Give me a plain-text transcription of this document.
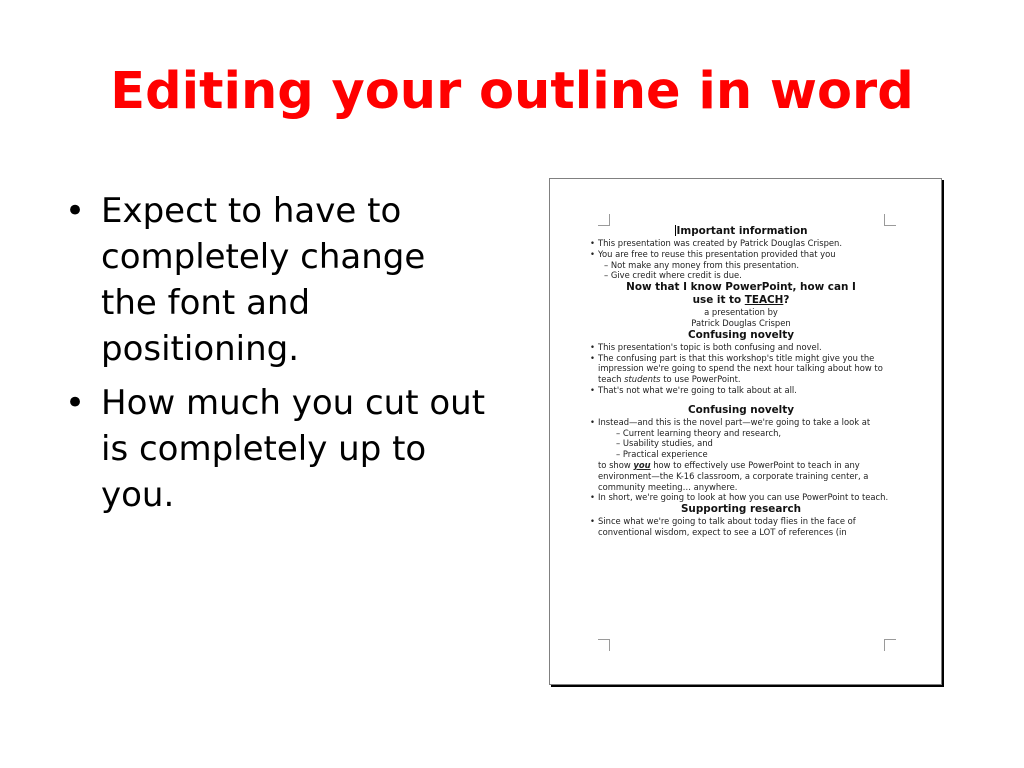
Editing your outline in word
• Expect to have to completely change the font and positioning.
• How much you cut out is completely up to you.
Important information
• This presentation was created by Patrick Douglas Crispen.
• You are free to reuse this presentation provided that you
– Not make any money from this presentation.
– Give credit where credit is due.
Now that I know PowerPoint, how can I
use it to TEACH?
a presentation by
Patrick Douglas Crispen
Confusing novelty
• This presentation's topic is both confusing and novel.
• The confusing part is that this workshop's title might give you the impression we're going to spend the next hour talking about how to teach students to use PowerPoint.
• That's not what we're going to talk about at all.
Confusing novelty
• Instead—and this is the novel part—we're going to take a look at
– Current learning theory and research,
– Usability studies, and
– Practical experience
to show you how to effectively use PowerPoint to teach in any environment—the K-16 classroom, a corporate training center, a community meeting… anywhere.
• In short, we're going to look at how you can use PowerPoint to teach.
Supporting research
• Since what we're going to talk about today flies in the face of conventional wisdom, expect to see a LOT of references (in
